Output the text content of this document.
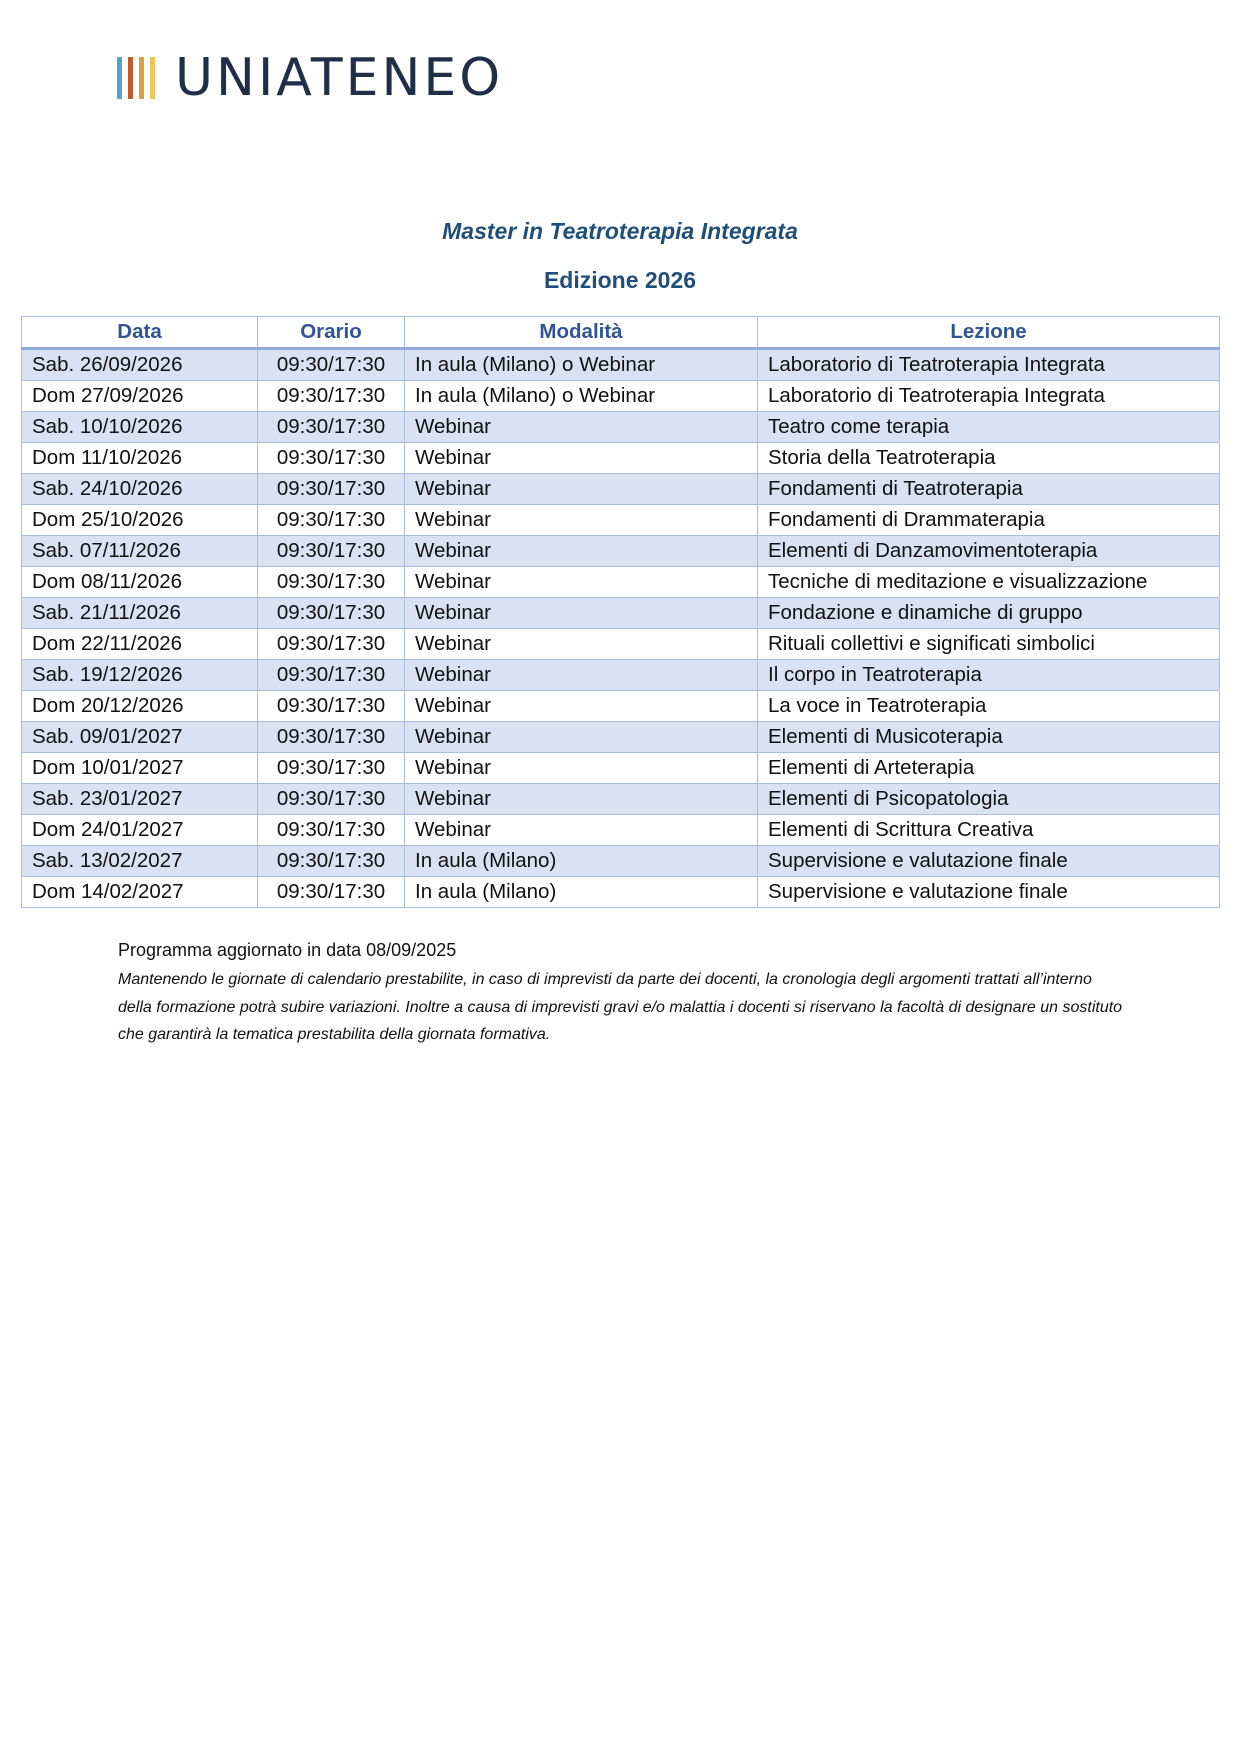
UNIATENEO
Master in Teatroterapia Integrata
Edizione 2026
Data	Orario	Modalità	Lezione
Sab. 26/09/2026	09:30/17:30	In aula (Milano) o Webinar	Laboratorio di Teatroterapia Integrata
Dom 27/09/2026	09:30/17:30	In aula (Milano) o Webinar	Laboratorio di Teatroterapia Integrata
Sab. 10/10/2026	09:30/17:30	Webinar	Teatro come terapia
Dom 11/10/2026	09:30/17:30	Webinar	Storia della Teatroterapia
Sab. 24/10/2026	09:30/17:30	Webinar	Fondamenti di Teatroterapia
Dom 25/10/2026	09:30/17:30	Webinar	Fondamenti di Drammaterapia
Sab. 07/11/2026	09:30/17:30	Webinar	Elementi di Danzamovimentoterapia
Dom 08/11/2026	09:30/17:30	Webinar	Tecniche di meditazione e visualizzazione
Sab. 21/11/2026	09:30/17:30	Webinar	Fondazione e dinamiche di gruppo
Dom 22/11/2026	09:30/17:30	Webinar	Rituali collettivi e significati simbolici
Sab. 19/12/2026	09:30/17:30	Webinar	Il corpo in Teatroterapia
Dom 20/12/2026	09:30/17:30	Webinar	La voce in Teatroterapia
Sab. 09/01/2027	09:30/17:30	Webinar	Elementi di Musicoterapia
Dom 10/01/2027	09:30/17:30	Webinar	Elementi di Arteterapia
Sab. 23/01/2027	09:30/17:30	Webinar	Elementi di Psicopatologia
Dom 24/01/2027	09:30/17:30	Webinar	Elementi di Scrittura Creativa
Sab. 13/02/2027	09:30/17:30	In aula (Milano)	Supervisione e valutazione finale
Dom 14/02/2027	09:30/17:30	In aula (Milano)	Supervisione e valutazione finale
Programma aggiornato in data 08/09/2025
Mantenendo le giornate di calendario prestabilite, in caso di imprevisti da parte dei docenti, la cronologia degli argomenti trattati all’interno della formazione potrà subire variazioni. Inoltre a causa di imprevisti gravi e/o malattia i docenti si riservano la facoltà di designare un sostituto che garantirà la tematica prestabilita della giornata formativa.
